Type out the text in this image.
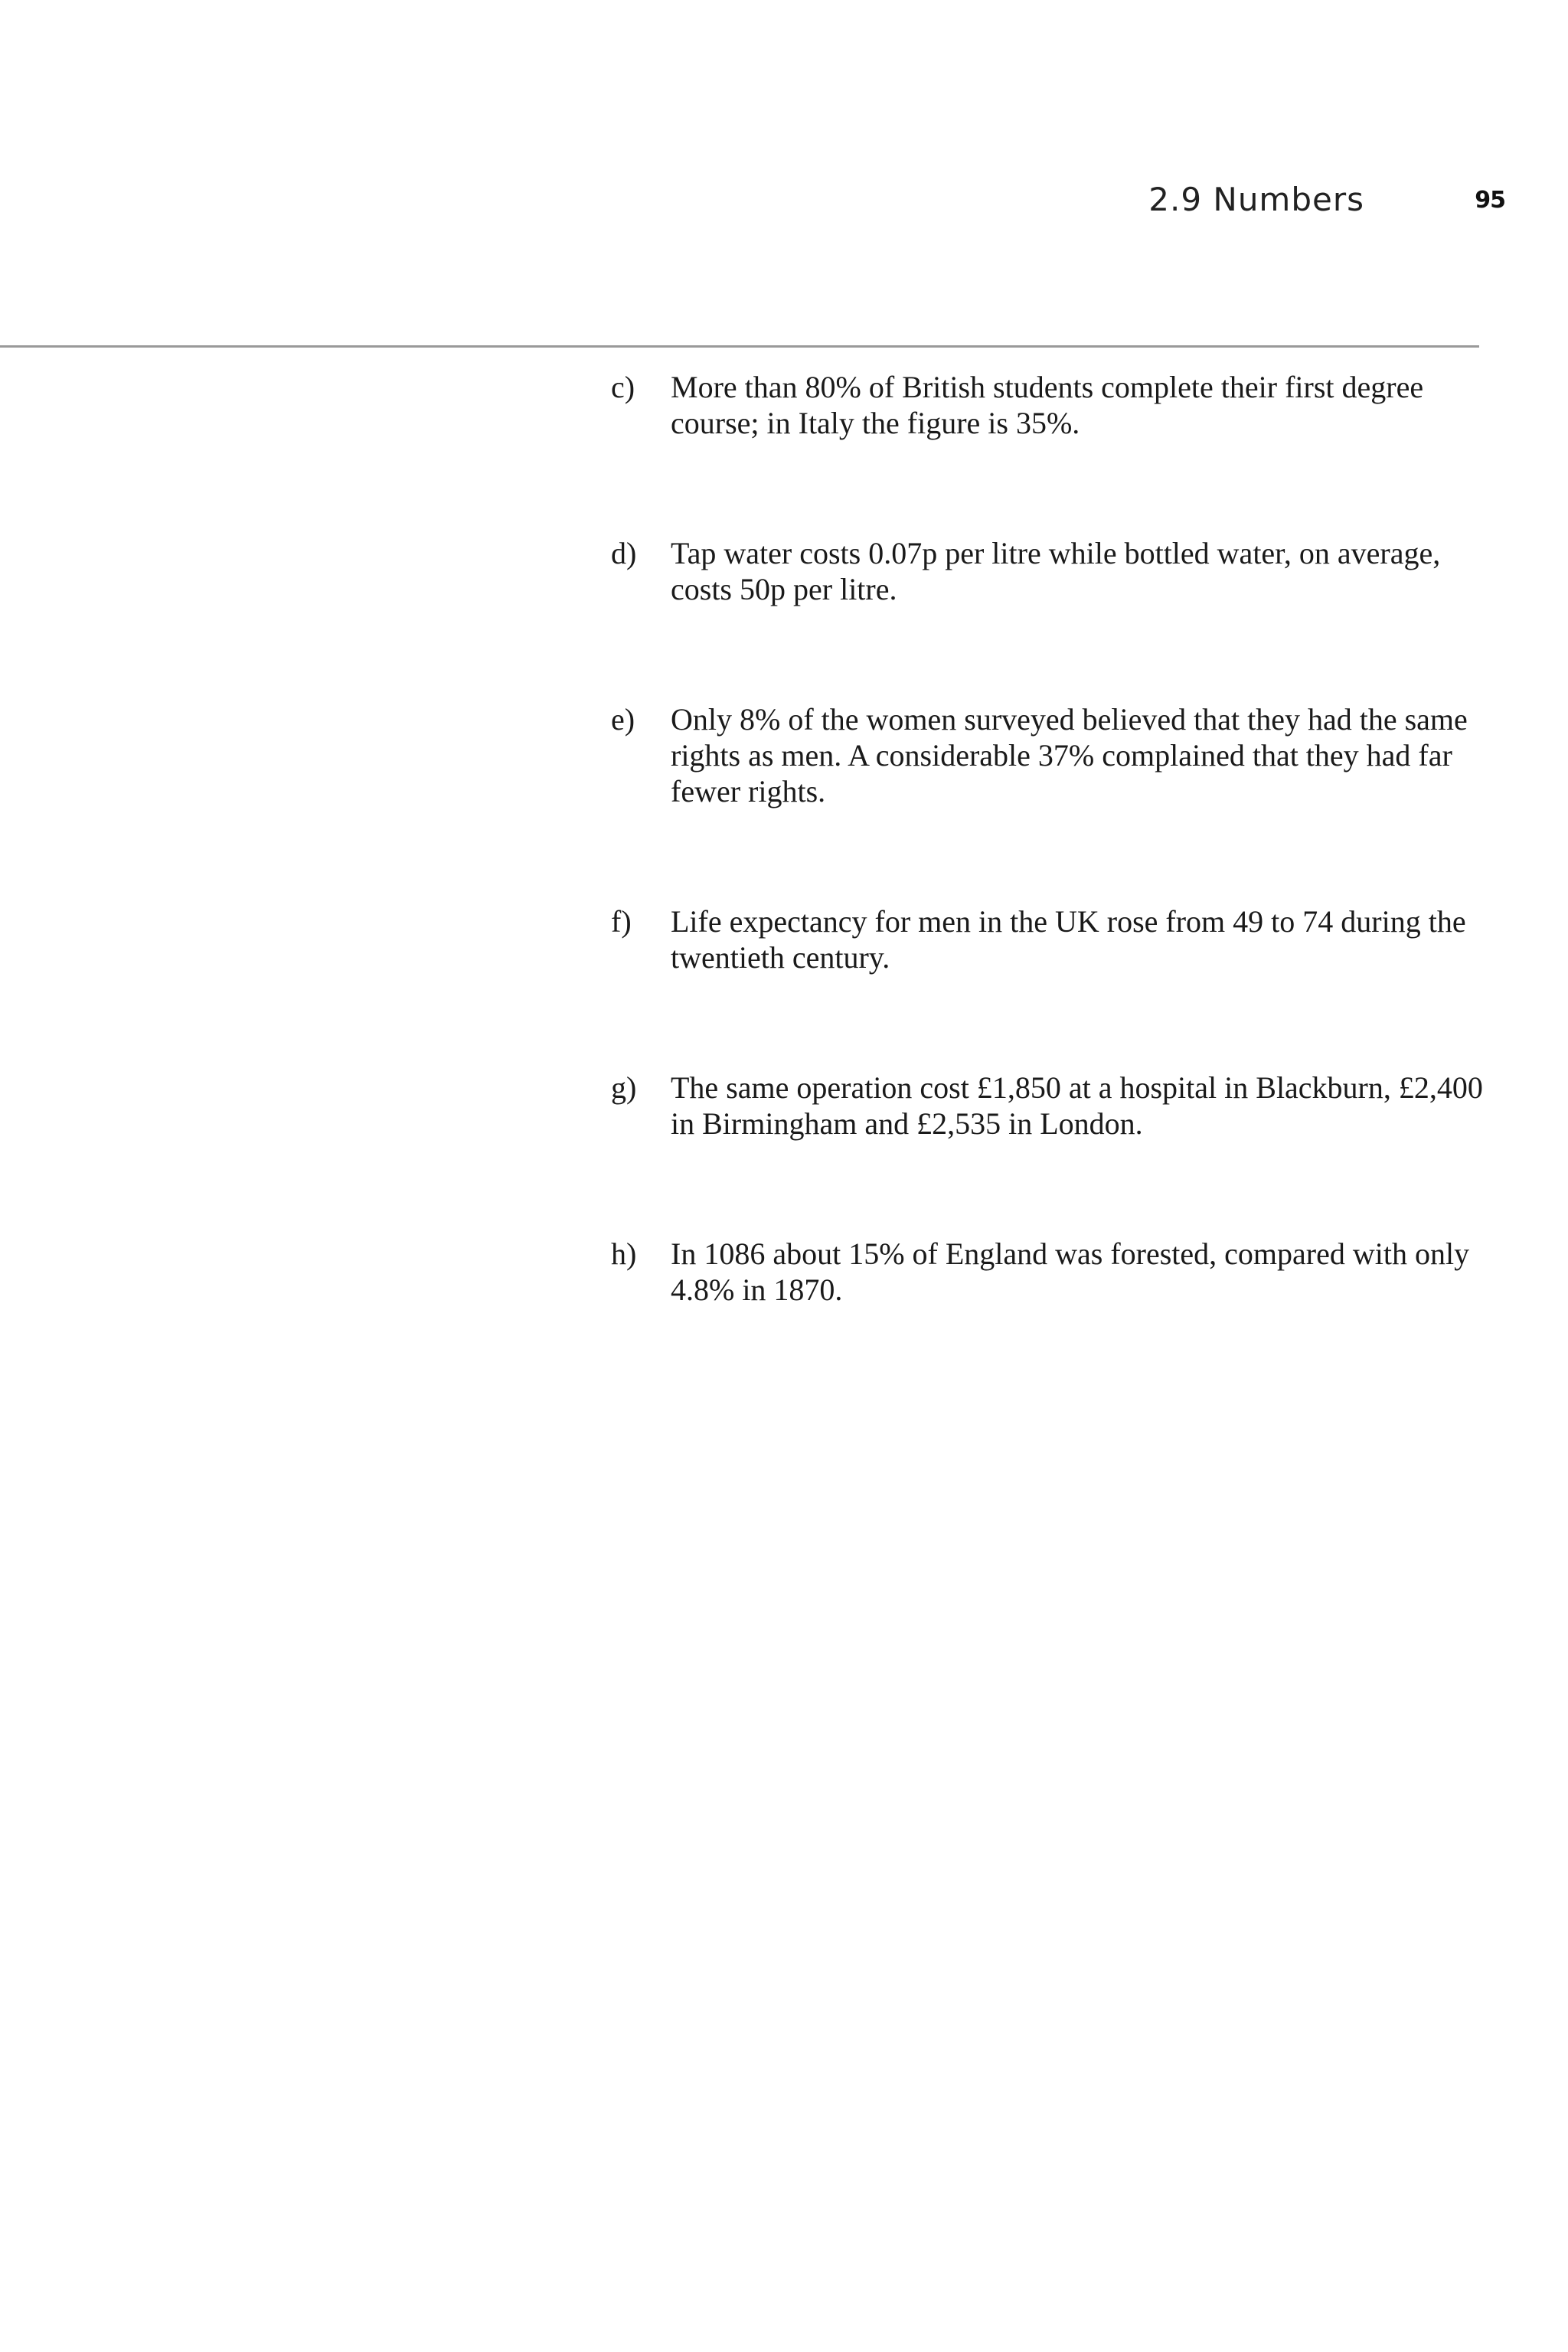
2.9 Numbers	95
c)	More than 80% of British students complete their first degree course; in Italy the figure is 35%.
d)	Tap water costs 0.07p per litre while bottled water, on average, costs 50p per litre.
e)	Only 8% of the women surveyed believed that they had the same rights as men. A considerable 37% complained that they had far fewer rights.
f)	Life expectancy for men in the UK rose from 49 to 74 during the twentieth century.
g)	The same operation cost £1,850 at a hospital in Blackburn, £2,400 in Birmingham and £2,535 in London.
h)	In 1086 about 15% of England was forested, compared with only 4.8% in 1870.
